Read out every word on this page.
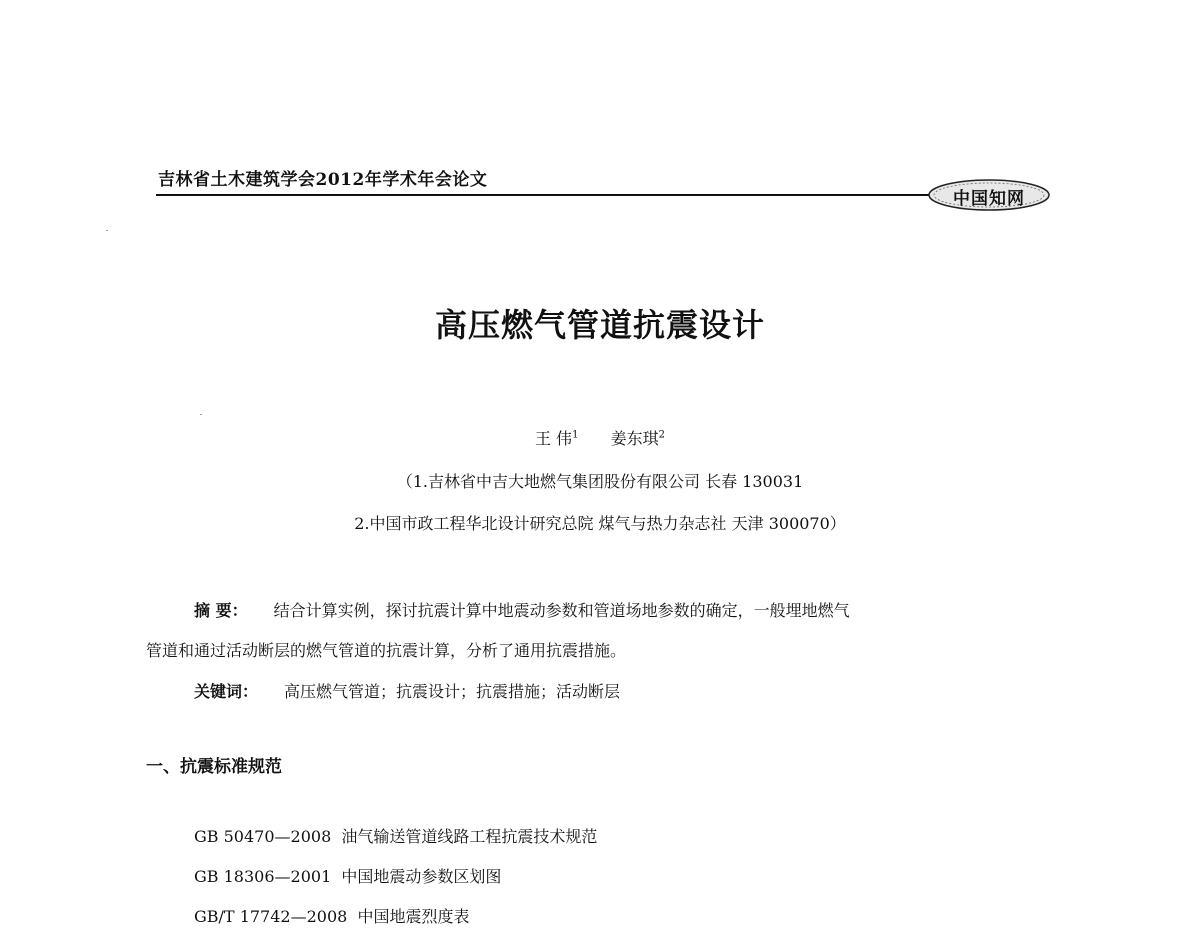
吉林省土木建筑学会2012年学术年会论文
中国知网
高压燃气管道抗震设计
王 伟$^1$ 姜东琪$^2$
（1.吉林省中吉大地燃气集团股份有限公司 长春 130031
2.中国市政工程华北设计研究总院 煤气与热力杂志社 天津 300070）
摘 要： 结合计算实例，探讨抗震计算中地震动参数和管道场地参数的确定，一般埋地燃气
管道和通过活动断层的燃气管道的抗震计算，分析了通用抗震措施。
关键词： 高压燃气管道；抗震设计；抗震措施；活动断层
一、抗震标准规范
GB 50470—2008 油气输送管道线路工程抗震技术规范
GB 18306—2001 中国地震动参数区划图
GB/T 17742—2008 中国地震烈度表
